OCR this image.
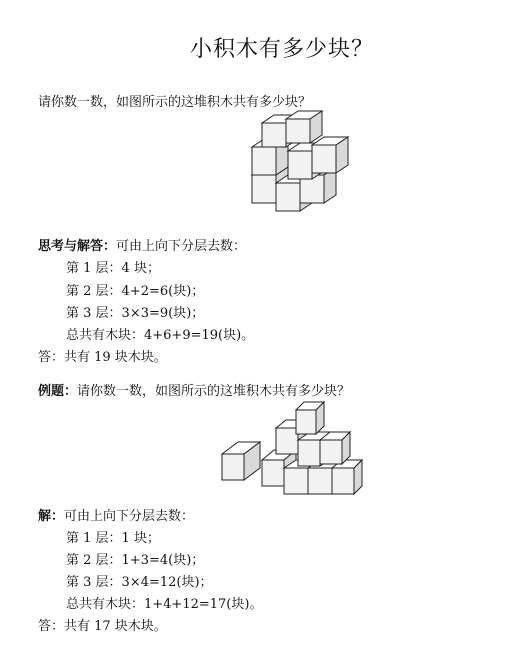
小积木有多少块？
请你数一数，如图所示的这堆积木共有多少块？
思考与解答：可由上向下分层去数：
第 1 层：4 块；
第 2 层：4+2=6(块)；
第 3 层：3×3=9(块)；
总共有木块：4+6+9=19(块)。
答：共有 19 块木块。
例题：请你数一数，如图所示的这堆积木共有多少块？
解：可由上向下分层去数：
第 1 层：1 块；
第 2 层：1+3=4(块)；
第 3 层：3×4=12(块)；
总共有木块：1+4+12=17(块)。
答：共有 17 块木块。
